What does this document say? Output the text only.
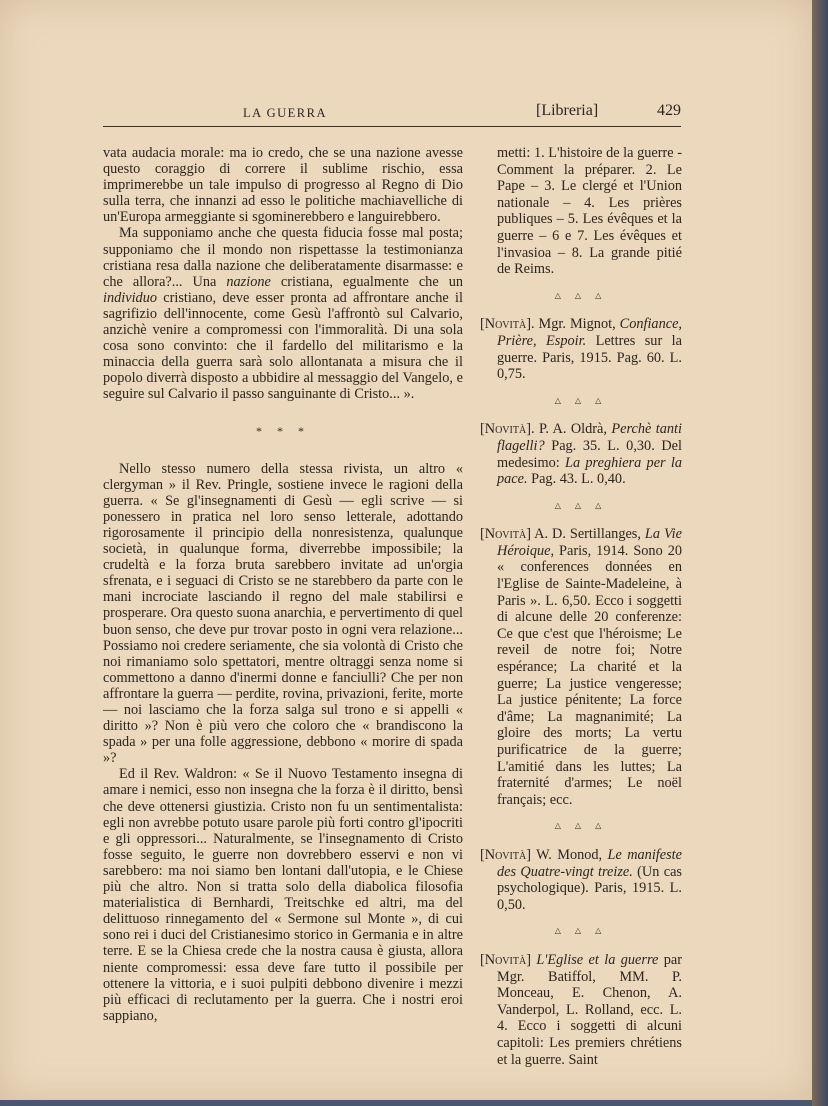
LA GUERRA	[Libreria]	429

vata audacia morale: ma io credo, che se una nazione avesse questo coraggio di correre il sublime rischio, essa imprimerebbe un tale impulso di progresso al Regno di Dio sulla terra, che innanzi ad esso le politiche machiavelliche di un'Europa armeggiante si sgominerebbero e languirebbero.

Ma supponiamo anche che questa fiducia fosse mal posta; supponiamo che il mondo non rispettasse la testimonianza cristiana resa dalla nazione che deliberatamente disarmasse: e che allora?... Una nazione cristiana, egualmente che un individuo cristiano, deve esser pronta ad affrontare anche il sagrifizio dell'innocente, come Gesù l'affrontò sul Calvario, anzichè venire a compromessi con l'immoralità. Di una sola cosa sono convinto: che il fardello del militarismo e la minaccia della guerra sarà solo allontanata a misura che il popolo diverrà disposto a ubbidire al messaggio del Vangelo, e seguire sul Calvario il passo sanguinante di Cristo... ».

* * *

Nello stesso numero della stessa rivista, un altro « clergyman » il Rev. Pringle, sostiene invece le ragioni della guerra. « Se gl'insegnamenti di Gesù — egli scrive — si ponessero in pratica nel loro senso letterale, adottando rigorosamente il principio della nonresistenza, qualunque società, in qualunque forma, diverrebbe impossibile; la crudeltà e la forza bruta sarebbero invitate ad un'orgia sfrenata, e i seguaci di Cristo se ne starebbero da parte con le mani incrociate lasciando il regno del male stabilirsi e prosperare. Ora questo suona anarchia, e pervertimento di quel buon senso, che deve pur trovar posto in ogni vera relazione... Possiamo noi credere seriamente, che sia volontà di Cristo che noi rimaniamo solo spettatori, mentre oltraggi senza nome si commettono a danno d'inermi donne e fanciulli? Che per non affrontare la guerra — perdite, rovina, privazioni, ferite, morte — noi lasciamo che la forza salga sul trono e si appelli « diritto »? Non è più vero che coloro che « brandiscono la spada » per una folle aggressione, debbono « morire di spada »?

Ed il Rev. Waldron: « Se il Nuovo Testamento insegna di amare i nemici, esso non insegna che la forza è il diritto, bensì che deve ottenersi giustizia. Cristo non fu un sentimentalista: egli non avrebbe potuto usare parole più forti contro gl'ipocriti e gli oppressori... Naturalmente, se l'insegnamento di Cristo fosse seguito, le guerre non dovrebbero esservi e non vi sarebbero: ma noi siamo ben lontani dall'utopia, e le Chiese più che altro. Non si tratta solo della diabolica filosofia materialistica di Bernhardi, Treitschke ed altri, ma del delittuoso rinnegamento del « Sermone sul Monte », di cui sono rei i duci del Cristianesimo storico in Germania e in altre terre. E se la Chiesa crede che la nostra causa è giusta, allora niente compromessi: essa deve fare tutto il possibile per ottenere la vittoria, e i suoi pulpiti debbono divenire i mezzi più efficaci di reclutamento per la guerra. Che i nostri eroi sappiano,

metti: 1. L'histoire de la guerre - Comment la préparer. 2. Le Pape – 3. Le clergé et l'Union nationale – 4. Les prières publiques – 5. Les évêques et la guerre – 6 e 7. Les évêques et l'invasioa – 8. La grande pitié de Reims.

△ △ △

[Novità]. Mgr. Mignot, Confiance, Prière, Espoir. Lettres sur la guerre. Paris, 1915. Pag. 60. L. 0,75.

△ △ △

[Novità]. P. A. Oldrà, Perchè tanti flagelli? Pag. 35. L. 0,30. Del medesimo: La preghiera per la pace. Pag. 43. L. 0,40.

△ △ △

[Novità] A. D. Sertillanges, La Vie Héroique, Paris, 1914. Sono 20 « conferences données en l'Eglise de Sainte-Madeleine, à Paris ». L. 6,50. Ecco i soggetti di alcune delle 20 conferenze: Ce que c'est que l'héroisme; Le reveil de notre foi; Notre espérance; La charité et la guerre; La justice vengeresse; La justice pénitente; La force d'âme; La magnanimité; La gloire des morts; La vertu purificatrice de la guerre; L'amitié dans les luttes; La fraternité d'armes; Le noël français; ecc.

△ △ △

[Novità] W. Monod, Le manifeste des Quatre-vingt treize. (Un cas psychologique). Paris, 1915. L. 0,50.

△ △ △

[Novità] L'Eglise et la guerre par Mgr. Batiffol, MM. P. Monceau, E. Chenon, A. Vanderpol, L. Rolland, ecc. L. 4. Ecco i soggetti di alcuni capitoli: Les premiers chrétiens et la guerre. Saint
